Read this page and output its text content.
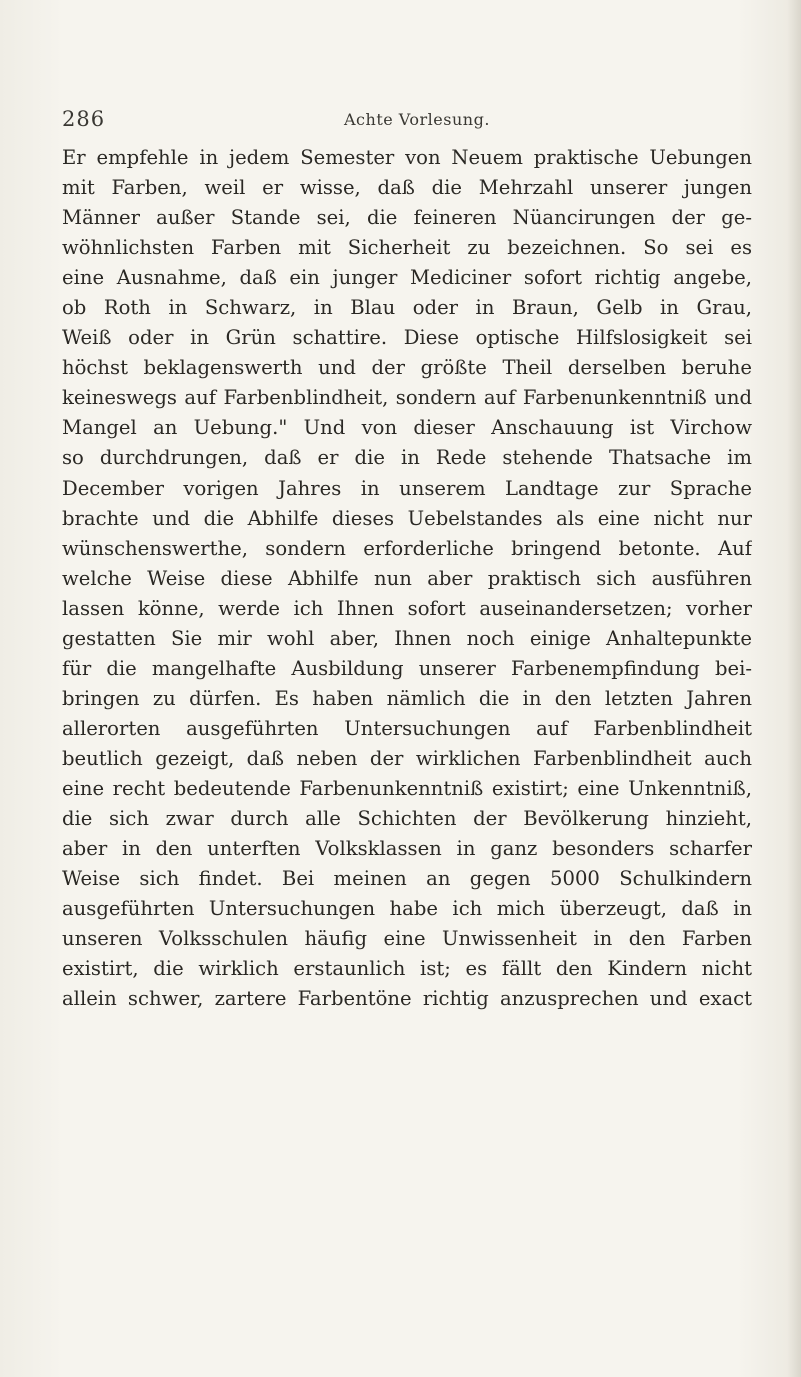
286	Achte Vorlesung.
Er empfehle in jedem Semester von Neuem praktische Uebungen
mit Farben, weil er wisse, daß die Mehrzahl unserer jungen
Männer außer Stande sei, die feineren Nüancirungen der ge-
wöhnlichsten Farben mit Sicherheit zu bezeichnen. So sei es
eine Ausnahme, daß ein junger Mediciner sofort richtig angebe,
ob Roth in Schwarz, in Blau oder in Braun, Gelb in Grau,
Weiß oder in Grün schattire. Diese optische Hilfslosigkeit sei
höchst beklagenswerth und der größte Theil derselben beruhe
keineswegs auf Farbenblindheit, sondern auf Farbenunkenntniß und
Mangel an Uebung." Und von dieser Anschauung ist Virchow
so durchdrungen, daß er die in Rede stehende Thatsache im
December vorigen Jahres in unserem Landtage zur Sprache
brachte und die Abhilfe dieses Uebelstandes als eine nicht nur
wünschenswerthe, sondern erforderliche bringend betonte. Auf
welche Weise diese Abhilfe nun aber praktisch sich ausführen
lassen könne, werde ich Ihnen sofort auseinandersetzen; vorher
gestatten Sie mir wohl aber, Ihnen noch einige Anhaltepunkte
für die mangelhafte Ausbildung unserer Farbenempfindung bei-
bringen zu dürfen. Es haben nämlich die in den letzten Jahren
allerorten ausgeführten Untersuchungen auf Farbenblindheit
beutlich gezeigt, daß neben der wirklichen Farbenblindheit auch
eine recht bedeutende Farbenunkenntniß existirt; eine Unkenntniß,
die sich zwar durch alle Schichten der Bevölkerung hinzieht,
aber in den unterften Volksklassen in ganz besonders scharfer
Weise sich findet. Bei meinen an gegen 5000 Schulkindern
ausgeführten Untersuchungen habe ich mich überzeugt, daß in
unseren Volksschulen häufig eine Unwissenheit in den Farben
existirt, die wirklich erstaunlich ist; es fällt den Kindern nicht
allein schwer, zartere Farbentöne richtig anzusprechen und exact
